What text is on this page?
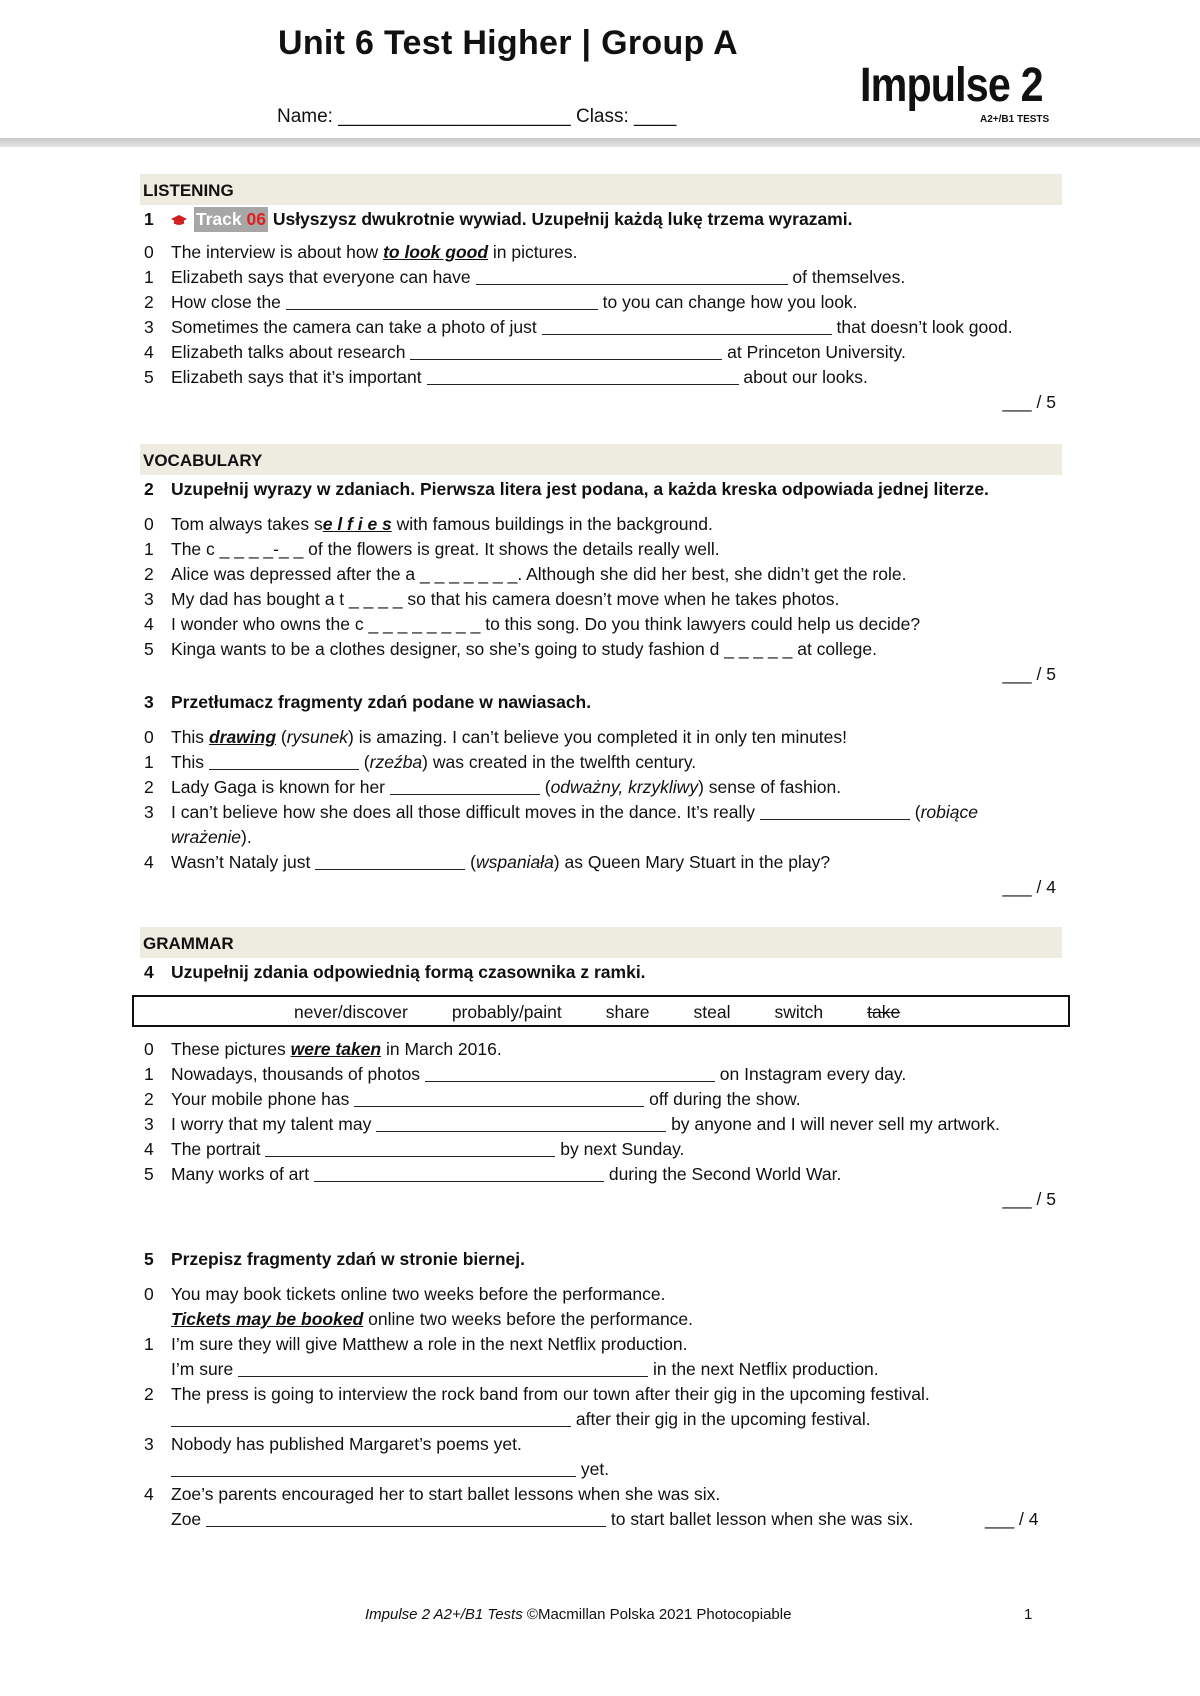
Unit 6 Test Higher | Group A
Name: ______________________ Class: ____
Impulse 2
A2+/B1 TESTS
LISTENING
1	Track 06 Usłyszysz dwukrotnie wywiad. Uzupełnij każdą lukę trzema wyrazami.
0 The interview is about how to look good in pictures.
1 Elizabeth says that everyone can have	of themselves.
2 How close the	to you can change how you look.
3 Sometimes the camera can take a photo of just	that doesn’t look good.
4 Elizabeth talks about research	at Princeton University.
5 Elizabeth says that it’s important	about our looks.
___ / 5
VOCABULARY
2 Uzupełnij wyrazy w zdaniach. Pierwsza litera jest podana, a każda kreska odpowiada jednej literze.
0 Tom always takes se l f i e s with famous buildings in the background.
1 The c _ _ _ _-_ _ of the flowers is great. It shows the details really well.
2 Alice was depressed after the a _ _ _ _ _ _ _. Although she did her best, she didn’t get the role.
3 My dad has bought a t _ _ _ _ so that his camera doesn’t move when he takes photos.
4 I wonder who owns the c _ _ _ _ _ _ _ _ to this song. Do you think lawyers could help us decide?
5 Kinga wants to be a clothes designer, so she’s going to study fashion d _ _ _ _ _ at college.
___ / 5
3 Przetłumacz fragmenty zdań podane w nawiasach.
0 This drawing (rysunek) is amazing. I can’t believe you completed it in only ten minutes!
1 This	(rzeźba) was created in the twelfth century.
2 Lady Gaga is known for her	(odważny, krzykliwy) sense of fashion.
3 I can’t believe how she does all those difficult moves in the dance. It’s really	(robiące wrażenie).
4 Wasn’t Nataly just	(wspaniała) as Queen Mary Stuart in the play?
___ / 4
GRAMMAR
4 Uzupełnij zdania odpowiednią formą czasownika z ramki.
never/discover	probably/paint	share	steal	switch	take
0 These pictures were taken in March 2016.
1 Nowadays, thousands of photos	on Instagram every day.
2 Your mobile phone has	off during the show.
3 I worry that my talent may	by anyone and I will never sell my artwork.
4 The portrait	by next Sunday.
5 Many works of art	during the Second World War.
___ / 5
5 Przepisz fragmenty zdań w stronie biernej.
0 You may book tickets online two weeks before the performance.
Tickets may be booked online two weeks before the performance.
1 I’m sure they will give Matthew a role in the next Netflix production.
I’m sure	in the next Netflix production.
2 The press is going to interview the rock band from our town after their gig in the upcoming festival.
after their gig in the upcoming festival.
3 Nobody has published Margaret’s poems yet.
yet.
4 Zoe’s parents encouraged her to start ballet lessons when she was six.
Zoe	to start ballet lesson when she was six.	___ / 4
Impulse 2 A2+/B1 Tests ©Macmillan Polska 2021 Photocopiable	1
